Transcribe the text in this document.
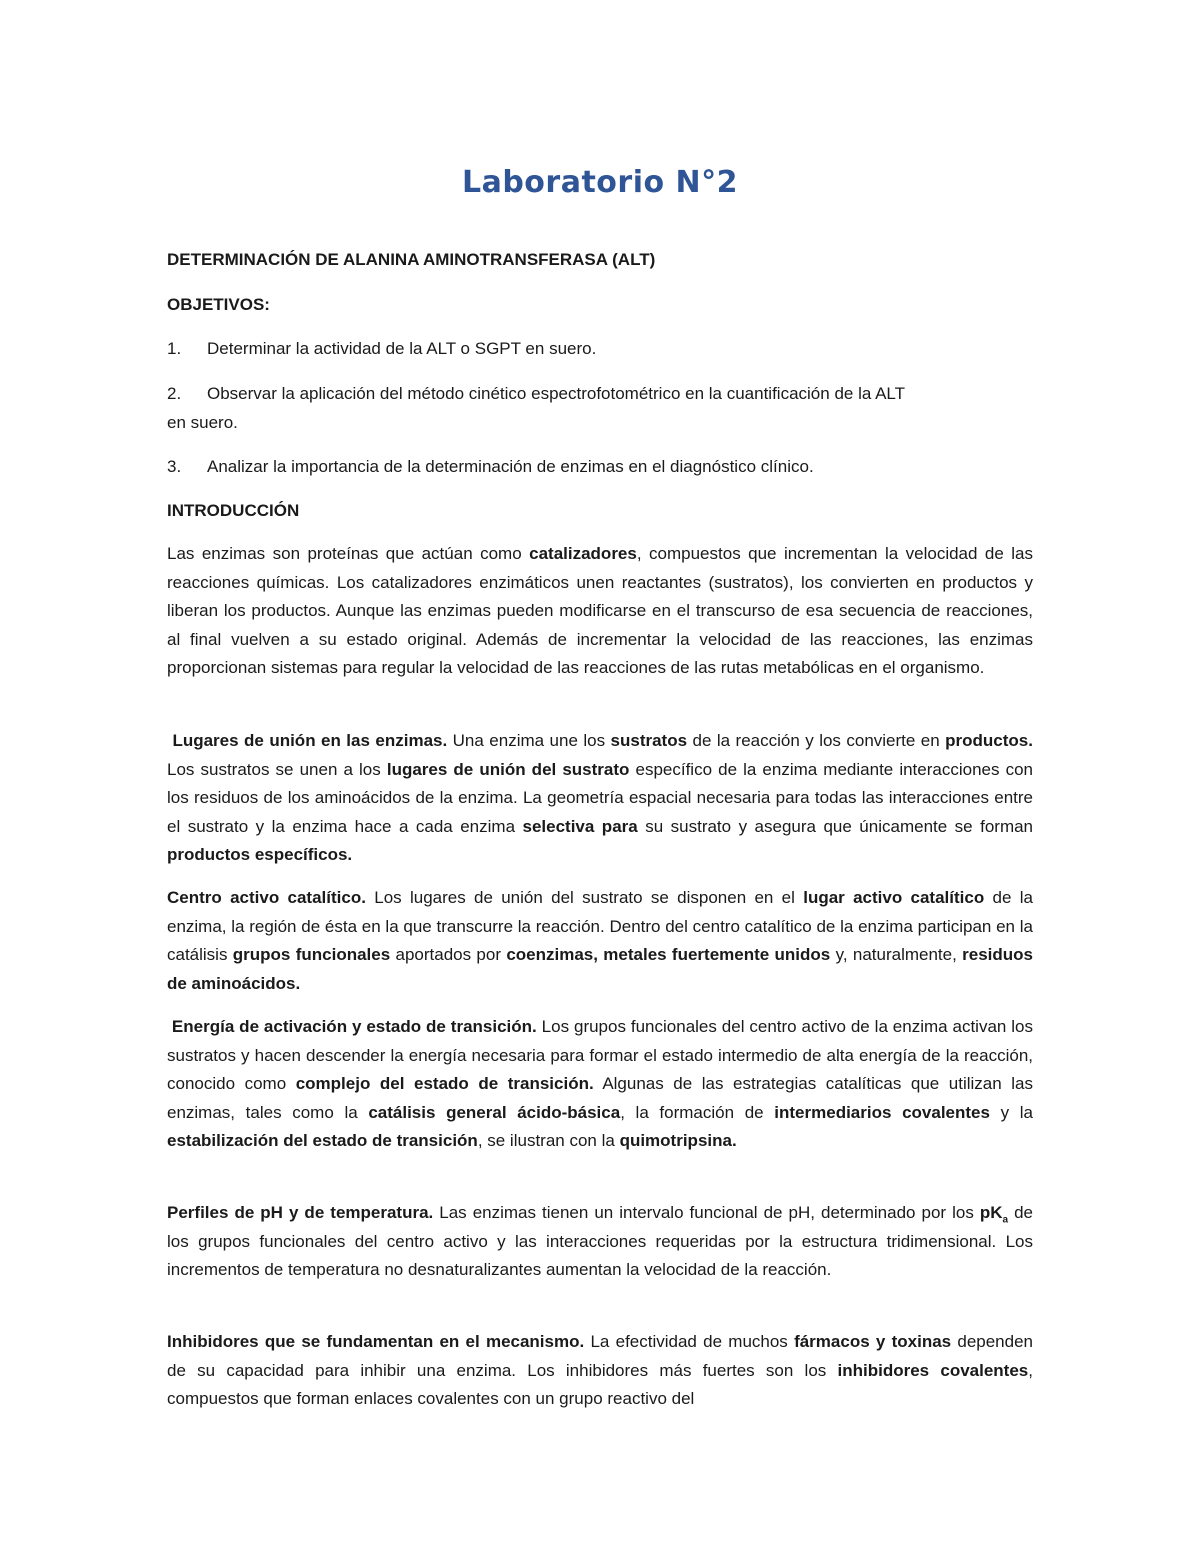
Laboratorio N°2
DETERMINACIÓN DE ALANINA AMINOTRANSFERASA (ALT)
OBJETIVOS:
1.	Determinar la actividad de la ALT o SGPT en suero.
2.	Observar la aplicación del método cinético espectrofotométrico en la cuantificación de la ALT
en suero.
3.	Analizar la importancia de la determinación de enzimas en el diagnóstico clínico.
INTRODUCCIÓN
Las enzimas son proteínas que actúan como catalizadores, compuestos que incrementan la velocidad de las reacciones químicas. Los catalizadores enzimáticos unen reactantes (sustratos), los convierten en productos y liberan los productos. Aunque las enzimas pueden modificarse en el transcurso de esa secuencia de reacciones, al final vuelven a su estado original. Además de incrementar la velocidad de las reacciones, las enzimas proporcionan sistemas para regular la velocidad de las reacciones de las rutas metabólicas en el organismo.
Lugares de unión en las enzimas. Una enzima une los sustratos de la reacción y los convierte en productos. Los sustratos se unen a los lugares de unión del sustrato específico de la enzima mediante interacciones con los residuos de los aminoácidos de la enzima. La geometría espacial necesaria para todas las interacciones entre el sustrato y la enzima hace a cada enzima selectiva para su sustrato y asegura que únicamente se forman productos específicos.
Centro activo catalítico. Los lugares de unión del sustrato se disponen en el lugar activo catalítico de la enzima, la región de ésta en la que transcurre la reacción. Dentro del centro catalítico de la enzima participan en la catálisis grupos funcionales aportados por coenzimas, metales fuertemente unidos y, naturalmente, residuos de aminoácidos.
Energía de activación y estado de transición. Los grupos funcionales del centro activo de la enzima activan los sustratos y hacen descender la energía necesaria para formar el estado intermedio de alta energía de la reacción, conocido como complejo del estado de transición. Algunas de las estrategias catalíticas que utilizan las enzimas, tales como la catálisis general ácido-básica, la formación de intermediarios covalentes y la estabilización del estado de transición, se ilustran con la quimotripsina.
Perfiles de pH y de temperatura. Las enzimas tienen un intervalo funcional de pH, determinado por los $pK_a$ de los grupos funcionales del centro activo y las interacciones requeridas por la estructura tridimensional. Los incrementos de temperatura no desnaturalizantes aumentan la velocidad de la reacción.
Inhibidores que se fundamentan en el mecanismo. La efectividad de muchos fármacos y toxinas dependen de su capacidad para inhibir una enzima. Los inhibidores más fuertes son los inhibidores covalentes, compuestos que forman enlaces covalentes con un grupo reactivo del
